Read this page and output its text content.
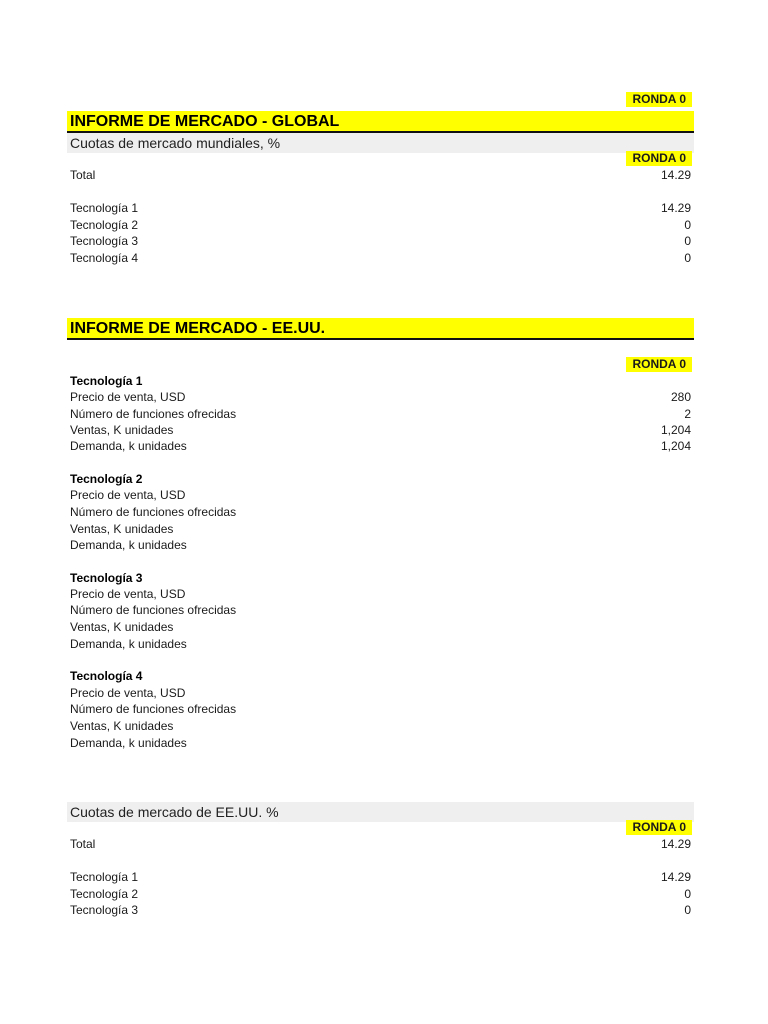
RONDA 0
INFORME DE MERCADO - GLOBAL
Cuotas de mercado mundiales, %
RONDA 0
Total	14.29
Tecnología 1	14.29
Tecnología 2	0
Tecnología 3	0
Tecnología 4	0
INFORME DE MERCADO - EE.UU.
RONDA 0
Tecnología 1
Precio de venta, USD	280
Número de funciones ofrecidas	2
Ventas, K unidades	1,204
Demanda, k unidades	1,204
Tecnología 2
Precio de venta, USD
Número de funciones ofrecidas
Ventas, K unidades
Demanda, k unidades
Tecnología 3
Precio de venta, USD
Número de funciones ofrecidas
Ventas, K unidades
Demanda, k unidades
Tecnología 4
Precio de venta, USD
Número de funciones ofrecidas
Ventas, K unidades
Demanda, k unidades
Cuotas de mercado de EE.UU. %
RONDA 0
Total	14.29
Tecnología 1	14.29
Tecnología 2	0
Tecnología 3	0
